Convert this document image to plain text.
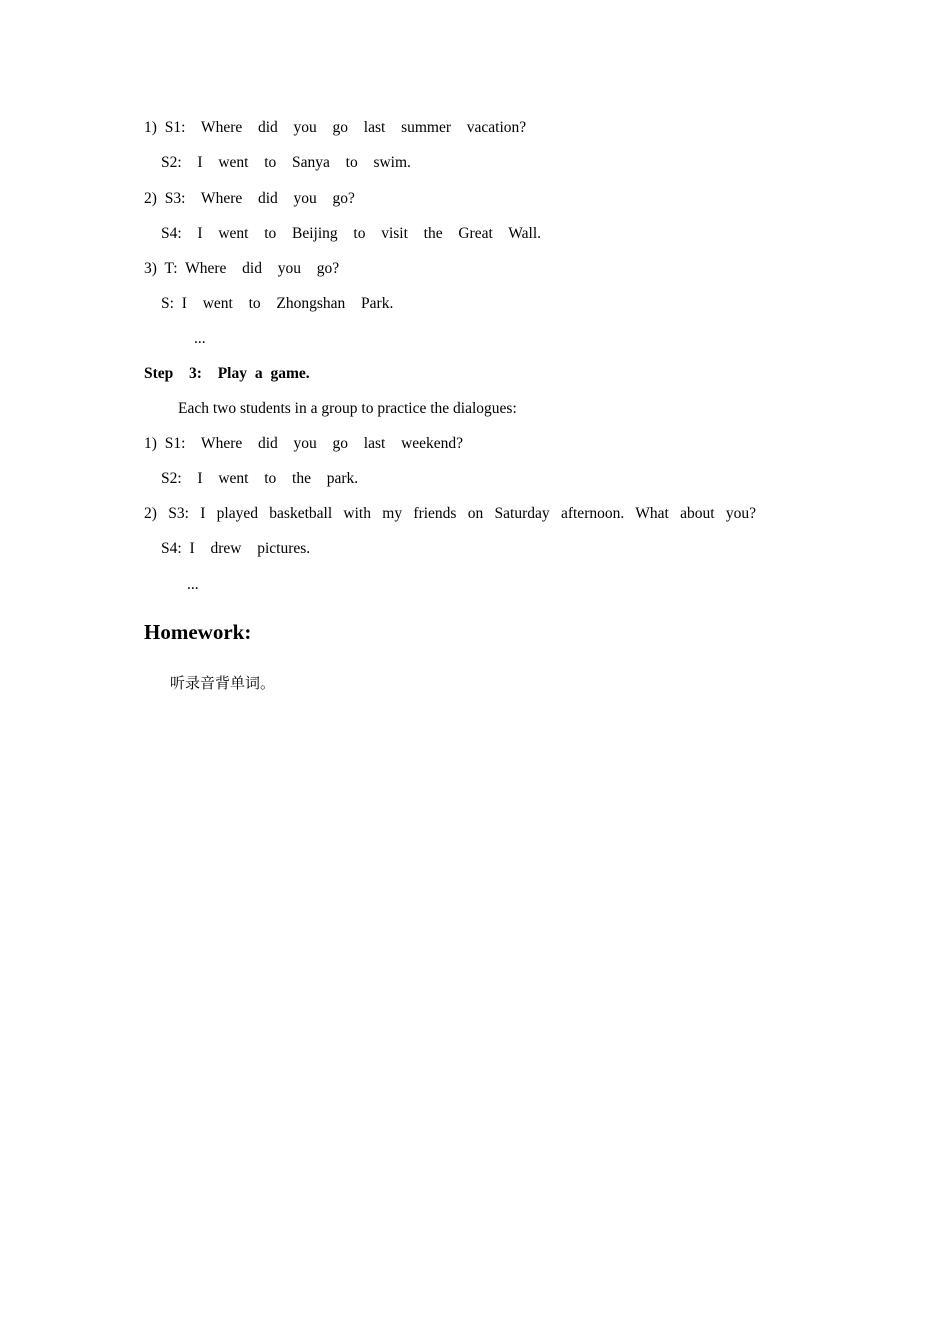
1) S1:  Where  did  you  go  last  summer  vacation?
S2:  I  went  to  Sanya  to  swim.
2) S3:  Where  did  you  go?
S4:  I  went  to  Beijing  to  visit  the  Great  Wall.
3) T: Where  did  you  go?
S: I  went  to  Zhongshan  Park.
...
Step  3:  Play a game.
Each two students in a group to practice the dialogues:
1) S1:  Where  did  you  go  last  weekend?
S2:  I  went  to  the  park.
2) S3: I played basketball with my friends on Saturday afternoon. What about you?
S4: I  drew  pictures.
...
Homework:
听录音背单词。
